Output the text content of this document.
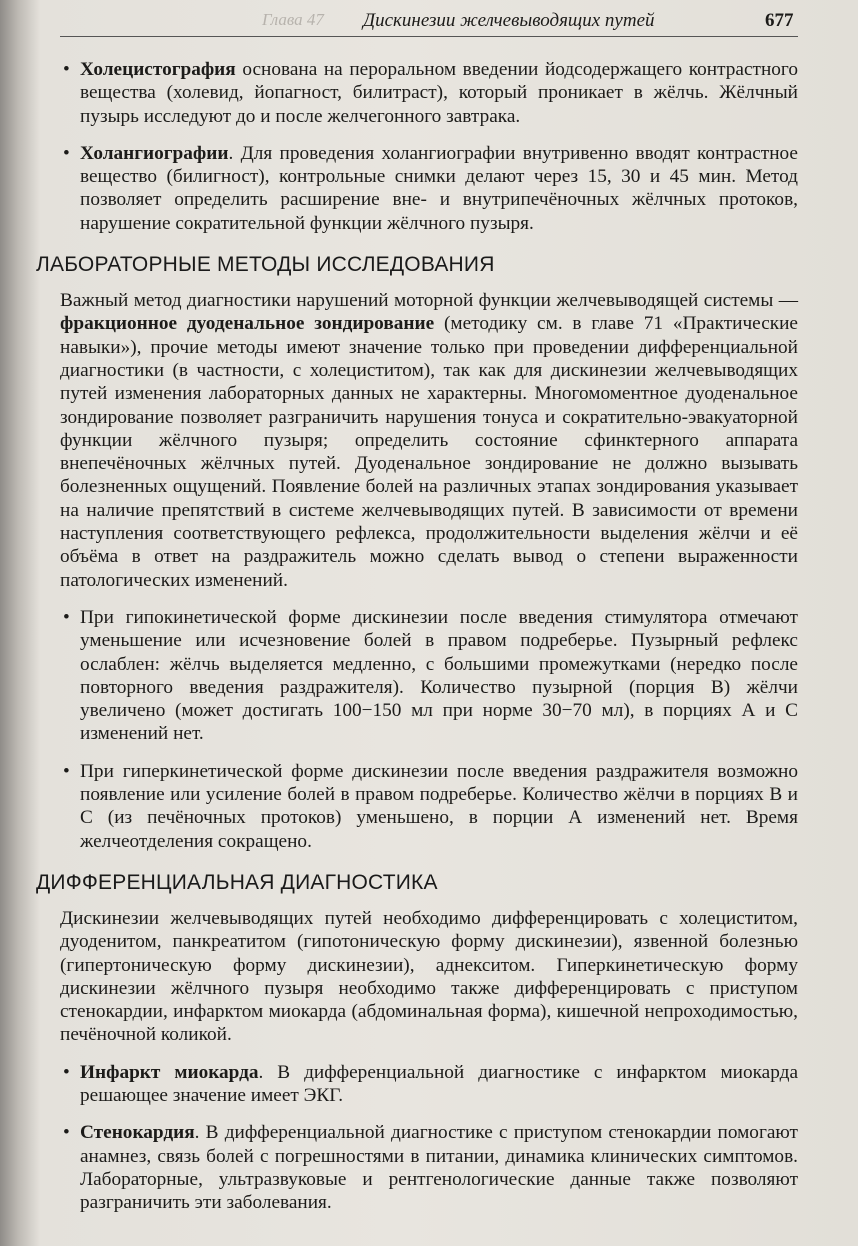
Глава 47 Дискинезии желчевыводящих путей	677

• Холецистография основана на пероральном введении йодсодержащего контрастного вещества (холевид, йопагност, билитраст), который проникает в жёлчь. Жёлчный пузырь исследуют до и после желчегонного завтрака.

• Холангиографии. Для проведения холангиографии внутривенно вводят контрастное вещество (билигност), контрольные снимки делают через 15, 30 и 45 мин. Метод позволяет определить расширение вне- и внутрипечёночных жёлчных протоков, нарушение сократительной функции жёлчного пузыря.

ЛАБОРАТОРНЫЕ МЕТОДЫ ИССЛЕДОВАНИЯ

Важный метод диагностики нарушений моторной функции желчевыводящей системы — фракционное дуоденальное зондирование (методику см. в главе 71 «Практические навыки»), прочие методы имеют значение только при проведении дифференциальной диагностики (в частности, с холециститом), так как для дискинезии желчевыводящих путей изменения лабораторных данных не характерны. Многомоментное дуоденальное зондирование позволяет разграничить нарушения тонуса и сократительно-эвакуаторной функции жёлчного пузыря; определить состояние сфинктерного аппарата внепечёночных жёлчных путей. Дуоденальное зондирование не должно вызывать болезненных ощущений. Появление болей на различных этапах зондирования указывает на наличие препятствий в системе желчевыводящих путей. В зависимости от времени наступления соответствующего рефлекса, продолжительности выделения жёлчи и её объёма в ответ на раздражитель можно сделать вывод о степени выраженности патологических изменений.

• При гипокинетической форме дискинезии после введения стимулятора отмечают уменьшение или исчезновение болей в правом подреберье. Пузырный рефлекс ослаблен: жёлчь выделяется медленно, с большими промежутками (нередко после повторного введения раздражителя). Количество пузырной (порция В) жёлчи увеличено (может достигать 100−150 мл при норме 30−70 мл), в порциях А и С изменений нет.

• При гиперкинетической форме дискинезии после введения раздражителя возможно появление или усиление болей в правом подреберье. Количество жёлчи в порциях В и С (из печёночных протоков) уменьшено, в порции А изменений нет. Время желчеотделения сокращено.

ДИФФЕРЕНЦИАЛЬНАЯ ДИАГНОСТИКА

Дискинезии желчевыводящих путей необходимо дифференцировать с холециститом, дуоденитом, панкреатитом (гипотоническую форму дискинезии), язвенной болезнью (гипертоническую форму дискинезии), аднекситом. Гиперкинетическую форму дискинезии жёлчного пузыря необходимо также дифференцировать с приступом стенокардии, инфарктом миокарда (абдоминальная форма), кишечной непроходимостью, печёночной коликой.

• Инфаркт миокарда. В дифференциальной диагностике с инфарктом миокарда решающее значение имеет ЭКГ.

• Стенокардия. В дифференциальной диагностике с приступом стенокардии помогают анамнез, связь болей с погрешностями в питании, динамика клинических симптомов. Лабораторные, ультразвуковые и рентгенологические данные также позволяют разграничить эти заболевания.
